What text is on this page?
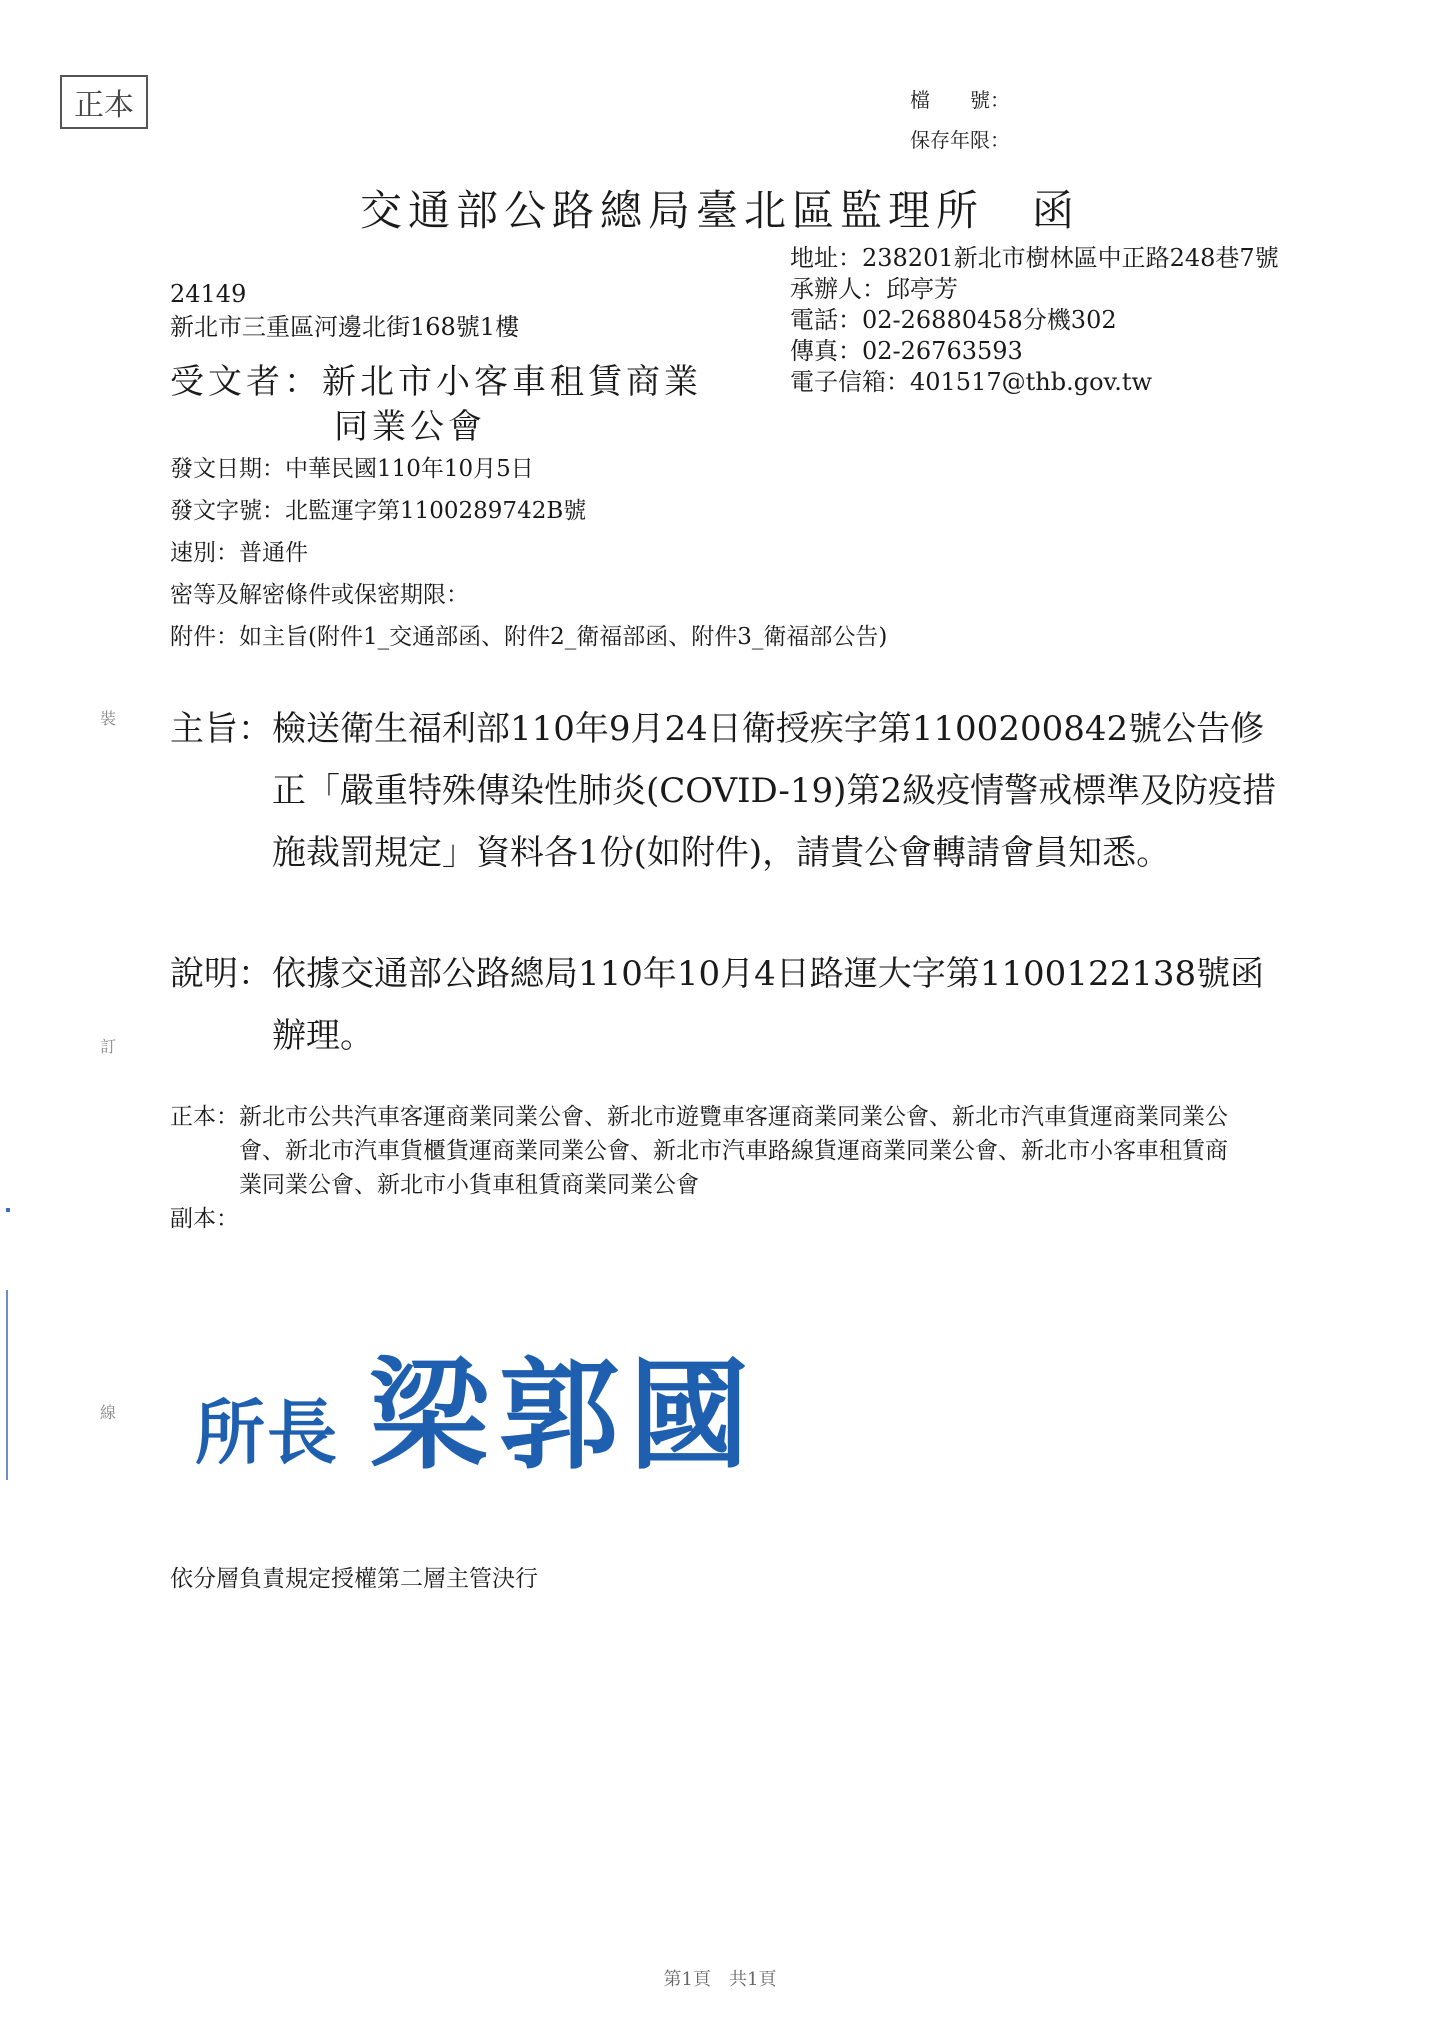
正本	檔　　號：
保存年限：
交通部公路總局臺北區監理所　函
地址：238201新北市樹林區中正路248巷7號
承辦人：邱亭芳
電話：02-26880458分機302
傳真：02-26763593
電子信箱：401517@thb.gov.tw
24149
新北市三重區河邊北街168號1樓
受文者：新北市小客車租賃商業
同業公會
發文日期：中華民國110年10月5日
發文字號：北監運字第1100289742B號
速別：普通件
密等及解密條件或保密期限：
附件：如主旨(附件1_交通部函、附件2_衛福部函、附件3_衛福部公告)
主旨： 檢送衛生福利部110年9月24日衛授疾字第1100200842號公告修正「嚴重特殊傳染性肺炎(COVID-19)第2級疫情警戒標準及防疫措施裁罰規定」資料各1份(如附件)，請貴公會轉請會員知悉。
說明： 依據交通部公路總局110年10月4日路運大字第1100122138號函辦理。
正本： 新北市公共汽車客運商業同業公會、新北市遊覽車客運商業同業公會、新北市汽車貨運商業同業公會、新北市汽車貨櫃貨運商業同業公會、新北市汽車路線貨運商業同業公會、新北市小客車租賃商業同業公會、新北市小貨車租賃商業同業公會
副本：
所長 梁郭國
依分層負責規定授權第二層主管決行
第1頁　共1頁
裝
訂
線
